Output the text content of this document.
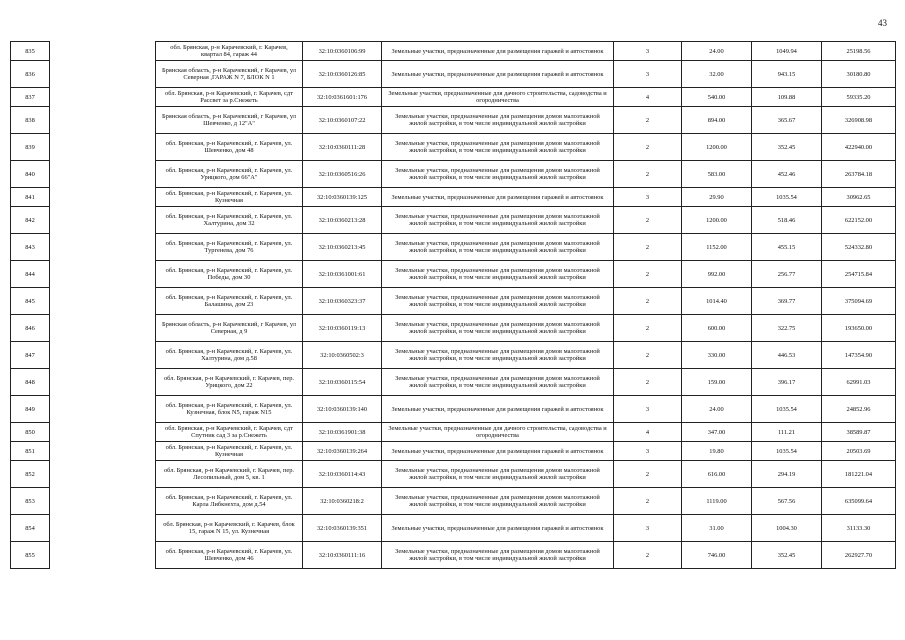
43
835		обл. Брянская, р-н Карачевский, г. Карачев, квартал 84, гараж 44	32:10:0360106:99	Земельные участки, предназначенные для размещения гаражей и автостоянок	3	24.00	1049.94	25198.56
836		Брянская область, р-н Карачевский, г Карачев, ул Северная ,ГАРАЖ N 7, БЛОК N 1	32:10:0360126:85	Земельные участки, предназначенные для размещения гаражей и автостоянок	3	32.00	943.15	30180.80
837		обл. Брянская, р-н Карачевский, г. Карачев, сдт Рассвет за р.Снежеть	32:10:0361601:176	Земельные участки, предназначенные для дачного строительства, садоводства и огородничества	4	540.00	109.88	59335.20
838		Брянская область, р-н Карачевский, г Карачев, ул Шевченко, д 12"А"	32:10:0360107:22	Земельные участки, предназначенные для размещения домов малоэтажной жилой застройки, в том числе индивидуальной жилой застройки	2	894.00	365.67	326908.98
839		обл. Брянская, р-н Карачевский, г. Карачев, ул. Шевченко, дом 48	32:10:0360111:28	Земельные участки, предназначенные для размещения домов малоэтажной жилой застройки, в том числе индивидуальной жилой застройки	2	1200.00	352.45	422940.00
840		обл. Брянская, р-н Карачевский, г. Карачев, ул. Урицкого, дом 66"А"	32:10:0360516:26	Земельные участки, предназначенные для размещения домов малоэтажной жилой застройки, в том числе индивидуальной жилой застройки	2	583.00	452.46	263784.18
841		обл. Брянская, р-н Карачевский, г. Карачев, ул. Кузнечная	32:10:0360139:125	Земельные участки, предназначенные для размещения гаражей и автостоянок	3	29.90	1035.54	30962.65
842		обл. Брянская, р-н Карачевский, г. Карачев, ул. Халтурина, дом 32	32:10:0360213:28	Земельные участки, предназначенные для размещения домов малоэтажной жилой застройки, в том числе индивидуальной жилой застройки	2	1200.00	518.46	622152.00
843		обл. Брянская, р-н Карачевский, г. Карачев, ул. Тургенева, дом 76	32:10:0360213:45	Земельные участки, предназначенные для размещения домов малоэтажной жилой застройки, в том числе индивидуальной жилой застройки	2	1152.00	455.15	524332.80
844		обл. Брянская, р-н Карачевский, г. Карачев, ул. Победы, дом 30	32:10:0361001:61	Земельные участки, предназначенные для размещения домов малоэтажной жилой застройки, в том числе индивидуальной жилой застройки	2	992.00	256.77	254715.84
845		обл. Брянская, р-н Карачевский, г. Карачев, ул. Балашина, дом 23	32:10:0360323:37	Земельные участки, предназначенные для размещения домов малоэтажной жилой застройки, в том числе индивидуальной жилой застройки	2	1014.40	369.77	375094.69
846		Брянская область, р-н Карачевский, г Карачев, ул Северная, д 9	32:10:0360119:13	Земельные участки, предназначенные для размещения домов малоэтажной жилой застройки, в том числе индивидуальной жилой застройки	2	600.00	322.75	193650.00
847		обл. Брянская, р-н Карачевский, г. Карачев, ул. Халтурина, дом д.58	32:10:0360502:3	Земельные участки, предназначенные для размещения домов малоэтажной жилой застройки, в том числе индивидуальной жилой застройки	2	330.00	446.53	147354.90
848		обл. Брянская, р-н Карачевский, г. Карачев, пер. Урицкого, дом 22	32:10:0360115:54	Земельные участки, предназначенные для размещения домов малоэтажной жилой застройки, в том числе индивидуальной жилой застройки	2	159.00	396.17	62991.03
849		обл. Брянская, р-н Карачевский, г. Карачев, ул. Кузнечная, блок N5, гараж N15	32:10:0360139:140	Земельные участки, предназначенные для размещения гаражей и автостоянок	3	24.00	1035.54	24852.96
850		обл. Брянская, р-н Карачевский, г. Карачев, сдт Спутник сад 3 за р.Снежеть	32:10:0361901:38	Земельные участки, предназначенные для дачного строительства, садоводства и огородничества	4	347.00	111.21	38589.87
851		обл. Брянская, р-н Карачевский, г. Карачев, ул. Кузнечная	32:10:0360139:264	Земельные участки, предназначенные для размещения гаражей и автостоянок	3	19.80	1035.54	20503.69
852		обл. Брянская, р-н Карачевский, г. Карачев, пер. Лесопильный, дом 5, кв. 1	32:10:0360114:43	Земельные участки, предназначенные для размещения домов малоэтажной жилой застройки, в том числе индивидуальной жилой застройки	2	616.00	294.19	181221.04
853		обл. Брянская, р-н Карачевский, г. Карачев, ул. Карла Либкнехта, дом д.54	32:10:0360218:2	Земельные участки, предназначенные для размещения домов малоэтажной жилой застройки, в том числе индивидуальной жилой застройки	2	1119.00	567.56	635099.64
854		обл. Брянская, р-н Карачевский, г. Карачев, блок 15, гараж N 15, ул. Кузнечная	32:10:0360139:351	Земельные участки, предназначенные для размещения гаражей и автостоянок	3	31.00	1004.30	31133.30
855		обл. Брянская, р-н Карачевский, г. Карачев, ул. Шевченко, дом 46	32:10:0360111:16	Земельные участки, предназначенные для размещения домов малоэтажной жилой застройки, в том числе индивидуальной жилой застройки	2	746.00	352.45	262927.70
